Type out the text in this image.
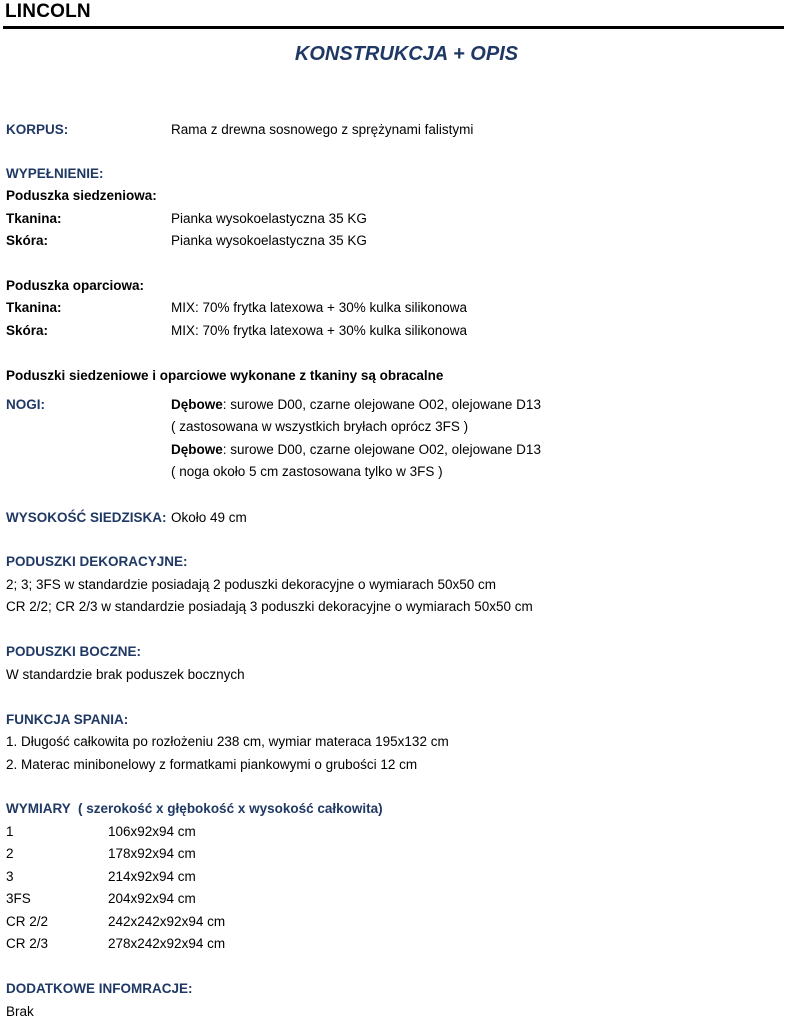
LINCOLN
KONSTRUKCJA + OPIS
KORPUS:	Rama z drewna sosnowego z sprężynami falistymi
WYPEŁNIENIE:
Poduszka siedzeniowa:
Tkanina:	Pianka wysokoelastyczna 35 KG
Skóra:	Pianka wysokoelastyczna 35 KG
Poduszka oparciowa:
Tkanina:	MIX: 70% frytka latexowa + 30% kulka silikonowa
Skóra:	MIX: 70% frytka latexowa + 30% kulka silikonowa
Poduszki siedzeniowe i oparciowe wykonane z tkaniny są obracalne
NOGI:	Dębowe: surowe D00, czarne olejowane O02, olejowane D13
( zastosowana w wszystkich bryłach oprócz 3FS )
Dębowe: surowe D00, czarne olejowane O02, olejowane D13
( noga około 5 cm zastosowana tylko w 3FS )
WYSOKOŚĆ SIEDZISKA: Około 49 cm
PODUSZKI DEKORACYJNE:
2; 3; 3FS w standardzie posiadają 2 poduszki dekoracyjne o wymiarach 50x50 cm
CR 2/2; CR 2/3 w standardzie posiadają 3 poduszki dekoracyjne o wymiarach 50x50 cm
PODUSZKI BOCZNE:
W standardzie brak poduszek bocznych
FUNKCJA SPANIA:
1. Długość całkowita po rozłożeniu 238 cm, wymiar materaca 195x132 cm
2. Materac minibonelowy z formatkami piankowymi o grubości 12 cm
WYMIARY  ( szerokość x głębokość x wysokość całkowita)
1	106x92x94 cm
2	178x92x94 cm
3	214x92x94 cm
3FS	204x92x94 cm
CR 2/2	242x242x92x94 cm
CR 2/3	278x242x92x94 cm
DODATKOWE INFOMRACJE:
Brak
